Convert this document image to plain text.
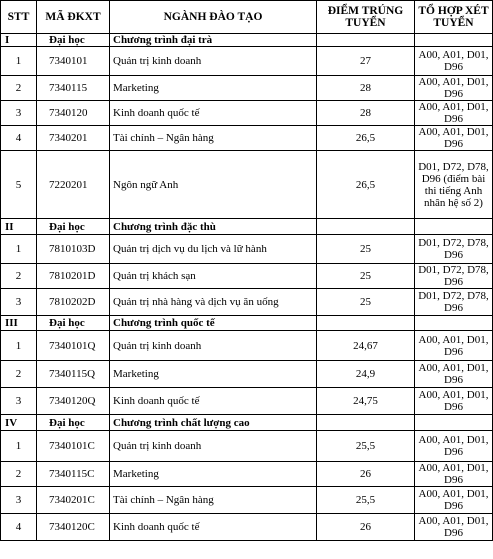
STT	MÃ ĐKXT	NGÀNH ĐÀO TẠO	ĐIỂM TRÚNG TUYỂN	TỔ HỢP XÉT TUYỂN
I	Đại học	Chương trình đại trà		
1	7340101	Quản trị kinh doanh	27	A00, A01, D01, D96
2	7340115	Marketing	28	A00, A01, D01, D96
3	7340120	Kinh doanh quốc tế	28	A00, A01, D01, D96
4	7340201	Tài chính – Ngân hàng	26,5	A00, A01, D01, D96
5	7220201	Ngôn ngữ Anh	26,5	D01, D72, D78, D96 (điểm bài thi tiếng Anh nhân hệ số 2)
II	Đại học	Chương trình đặc thù		
1	7810103D	Quản trị dịch vụ du lịch và lữ hành	25	D01, D72, D78, D96
2	7810201D	Quản trị khách sạn	25	D01, D72, D78, D96
3	7810202D	Quản trị nhà hàng và dịch vụ ăn uống	25	D01, D72, D78, D96
III	Đại học	Chương trình quốc tế		
1	7340101Q	Quản trị kinh doanh	24,67	A00, A01, D01, D96
2	7340115Q	Marketing	24,9	A00, A01, D01, D96
3	7340120Q	Kinh doanh quốc tế	24,75	A00, A01, D01, D96
IV	Đại học	Chương trình chất lượng cao		
1	7340101C	Quản trị kinh doanh	25,5	A00, A01, D01, D96
2	7340115C	Marketing	26	A00, A01, D01, D96
3	7340201C	Tài chính – Ngân hàng	25,5	A00, A01, D01, D96
4	7340120C	Kinh doanh quốc tế	26	A00, A01, D01, D96
